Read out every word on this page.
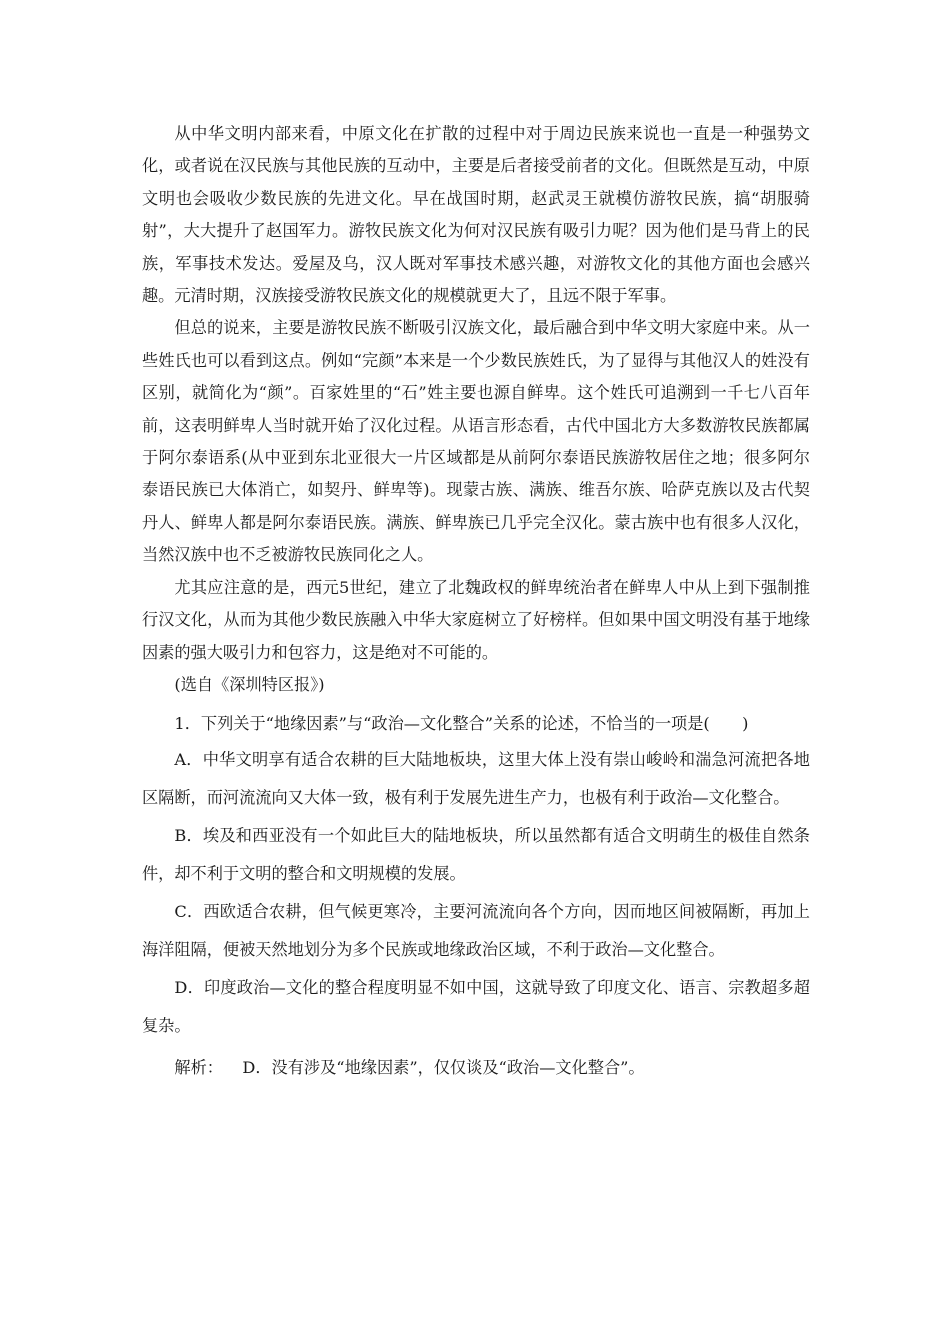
从中华文明内部来看，中原文化在扩散的过程中对于周边民族来说也一直是一种强势文化，或者说在汉民族与其他民族的互动中，主要是后者接受前者的文化。但既然是互动，中原文明也会吸收少数民族的先进文化。早在战国时期，赵武灵王就模仿游牧民族，搞“胡服骑射”，大大提升了赵国军力。游牧民族文化为何对汉民族有吸引力呢？因为他们是马背上的民族，军事技术发达。爱屋及乌，汉人既对军事技术感兴趣，对游牧文化的其他方面也会感兴趣。元清时期，汉族接受游牧民族文化的规模就更大了，且远不限于军事。

但总的说来，主要是游牧民族不断吸引汉族文化，最后融合到中华文明大家庭中来。从一些姓氏也可以看到这点。例如“完颜”本来是一个少数民族姓氏，为了显得与其他汉人的姓没有区别，就简化为“颜”。百家姓里的“石”姓主要也源自鲜卑。这个姓氏可追溯到一千七八百年前，这表明鲜卑人当时就开始了汉化过程。从语言形态看，古代中国北方大多数游牧民族都属于阿尔泰语系(从中亚到东北亚很大一片区域都是从前阿尔泰语民族游牧居住之地；很多阿尔泰语民族已大体消亡，如契丹、鲜卑等)。现蒙古族、满族、维吾尔族、哈萨克族以及古代契丹人、鲜卑人都是阿尔泰语民族。满族、鲜卑族已几乎完全汉化。蒙古族中也有很多人汉化，当然汉族中也不乏被游牧民族同化之人。

尤其应注意的是，西元5世纪，建立了北魏政权的鲜卑统治者在鲜卑人中从上到下强制推行汉文化，从而为其他少数民族融入中华大家庭树立了好榜样。但如果中国文明没有基于地缘因素的强大吸引力和包容力，这是绝对不可能的。

(选自《深圳特区报》)

1．下列关于“地缘因素”与“政治—文化整合”关系的论述，不恰当的一项是(　　)

A．中华文明享有适合农耕的巨大陆地板块，这里大体上没有崇山峻岭和湍急河流把各地区隔断，而河流流向又大体一致，极有利于发展先进生产力，也极有利于政治—文化整合。

B．埃及和西亚没有一个如此巨大的陆地板块，所以虽然都有适合文明萌生的极佳自然条件，却不利于文明的整合和文明规模的发展。

C．西欧适合农耕，但气候更寒冷，主要河流流向各个方向，因而地区间被隔断，再加上海洋阻隔，便被天然地划分为多个民族或地缘政治区域，不利于政治—文化整合。

D．印度政治—文化的整合程度明显不如中国，这就导致了印度文化、语言、宗教超多超复杂。

解析： D．没有涉及“地缘因素”，仅仅谈及“政治—文化整合”。
